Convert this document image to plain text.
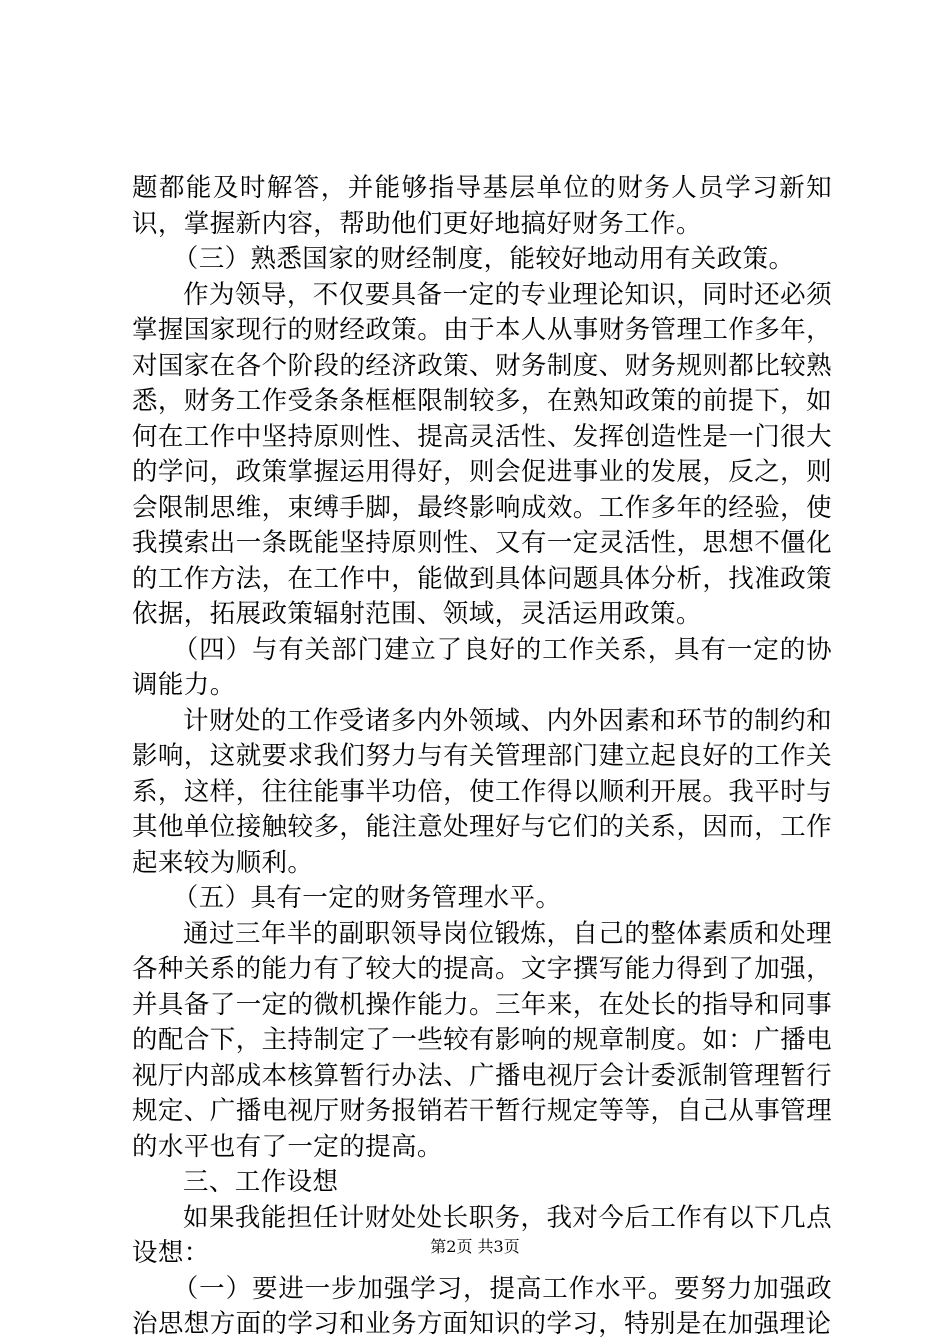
题都能及时解答，并能够指导基层单位的财务人员学习新知识，掌握新内容，帮助他们更好地搞好财务工作。

（三）熟悉国家的财经制度，能较好地动用有关政策。

作为领导，不仅要具备一定的专业理论知识，同时还必须掌握国家现行的财经政策。由于本人从事财务管理工作多年，对国家在各个阶段的经济政策、财务制度、财务规则都比较熟悉，财务工作受条条框框限制较多，在熟知政策的前提下，如何在工作中坚持原则性、提高灵活性、发挥创造性是一门很大的学问，政策掌握运用得好，则会促进事业的发展，反之，则会限制思维，束缚手脚，最终影响成效。工作多年的经验，使我摸索出一条既能坚持原则性、又有一定灵活性，思想不僵化的工作方法，在工作中，能做到具体问题具体分析，找准政策依据，拓展政策辐射范围、领域，灵活运用政策。

（四）与有关部门建立了良好的工作关系，具有一定的协调能力。

计财处的工作受诸多内外领域、内外因素和环节的制约和影响，这就要求我们努力与有关管理部门建立起良好的工作关系，这样，往往能事半功倍，使工作得以顺利开展。我平时与其他单位接触较多，能注意处理好与它们的关系，因而，工作起来较为顺利。

（五）具有一定的财务管理水平。

通过三年半的副职领导岗位锻炼，自己的整体素质和处理各种关系的能力有了较大的提高。文字撰写能力得到了加强，并具备了一定的微机操作能力。三年来，在处长的指导和同事的配合下，主持制定了一些较有影响的规章制度。如：广播电视厅内部成本核算暂行办法、广播电视厅会计委派制管理暂行规定、广播电视厅财务报销若干暂行规定等等，自己从事管理的水平也有了一定的提高。

三、工作设想

如果我能担任计财处处长职务，我对今后工作有以下几点设想：

（一）要进一步加强学习，提高工作水平。要努力加强政治思想方面的学习和业务方面知识的学习，特别是在加强理论

第2页 共3页
